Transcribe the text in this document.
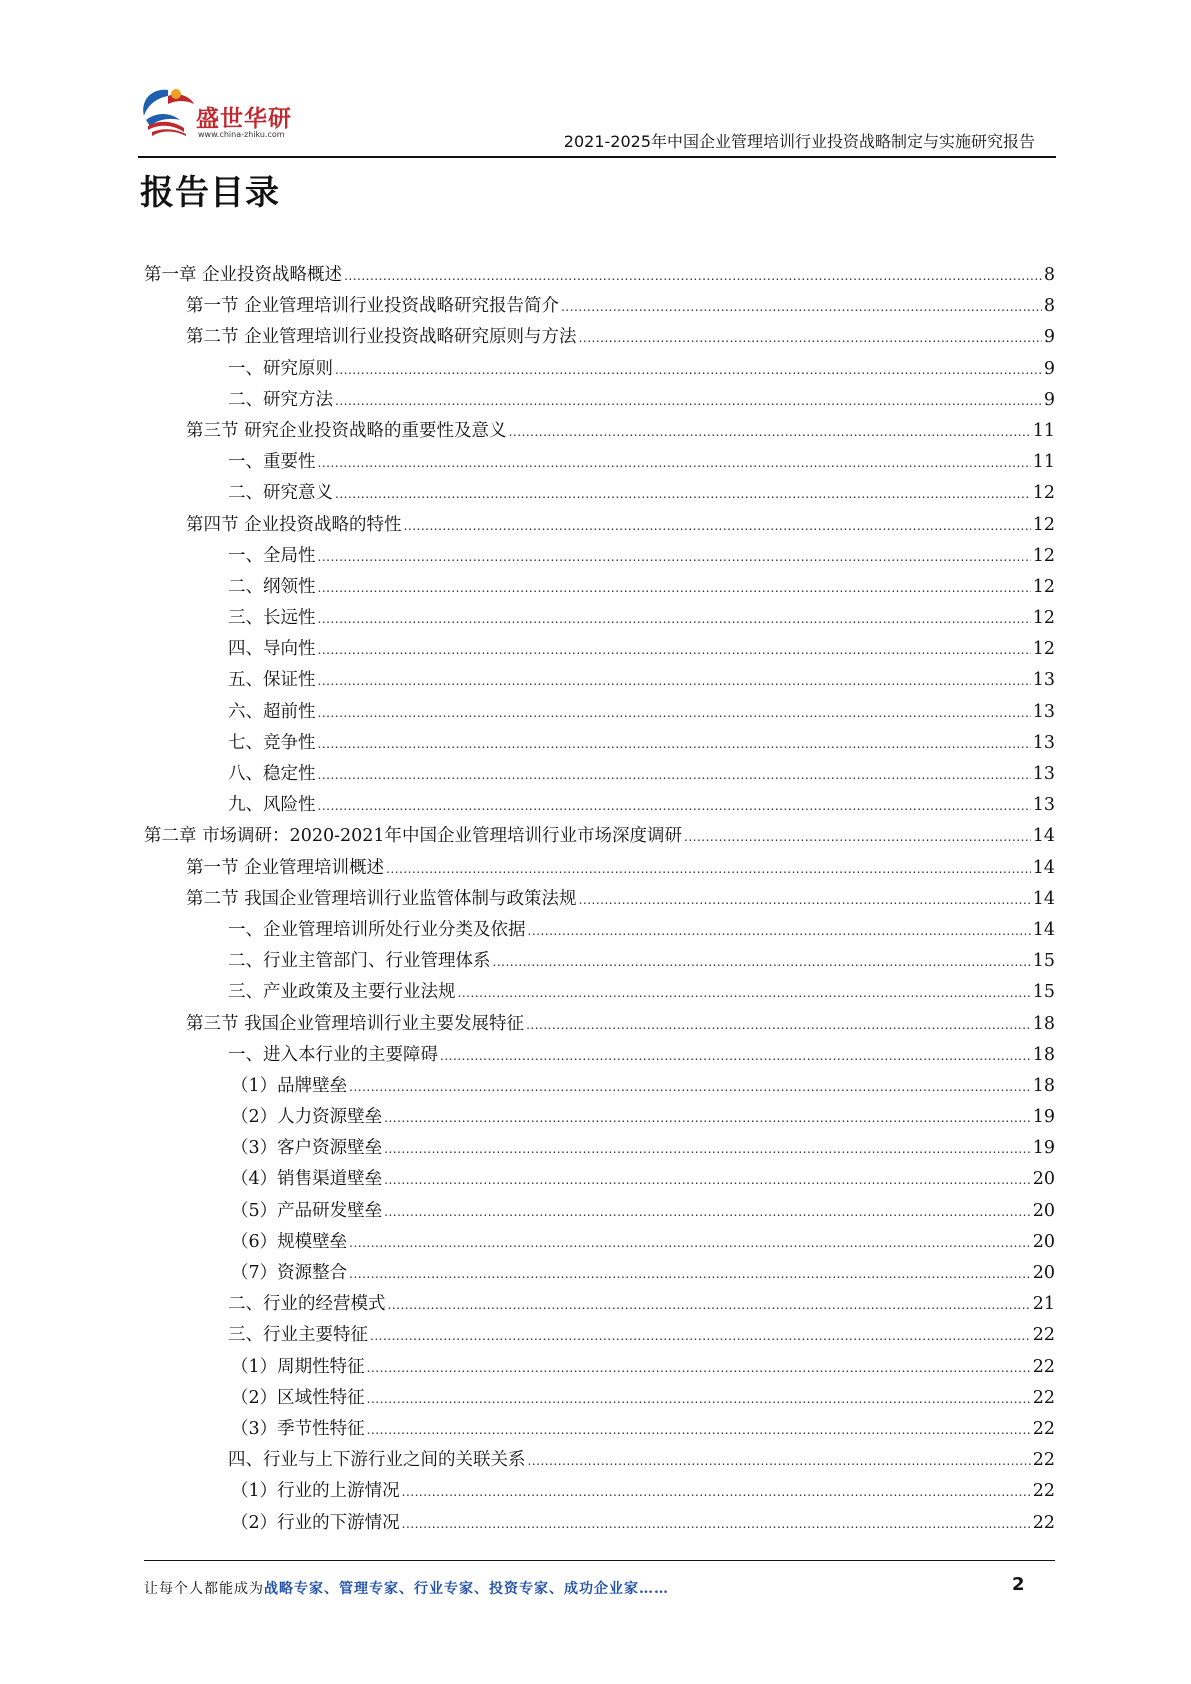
盛世华研
www.china-zhiku.com	2021-2025年中国企业管理培训行业投资战略制定与实施研究报告
报告目录
第一章 企业投资战略概述 .....	8
第一节 企业管理培训行业投资战略研究报告简介 .....	8
第二节 企业管理培训行业投资战略研究原则与方法 .....	9
一、研究原则 .....	9
二、研究方法 .....	9
第三节 研究企业投资战略的重要性及意义 .....	11
一、重要性 .....	11
二、研究意义 .....	12
第四节 企业投资战略的特性 .....	12
一、全局性 .....	12
二、纲领性 .....	12
三、长远性 .....	12
四、导向性 .....	12
五、保证性 .....	13
六、超前性 .....	13
七、竞争性 .....	13
八、稳定性 .....	13
九、风险性 .....	13
第二章 市场调研：2020-2021年中国企业管理培训行业市场深度调研 .....	14
第一节 企业管理培训概述 .....	14
第二节 我国企业管理培训行业监管体制与政策法规 .....	14
一、企业管理培训所处行业分类及依据 .....	14
二、行业主管部门、行业管理体系 .....	15
三、产业政策及主要行业法规 .....	15
第三节 我国企业管理培训行业主要发展特征 .....	18
一、进入本行业的主要障碍 .....	18
（1）品牌壁垒 .....	18
（2）人力资源壁垒 .....	19
（3）客户资源壁垒 .....	19
（4）销售渠道壁垒 .....	20
（5）产品研发壁垒 .....	20
（6）规模壁垒 .....	20
（7）资源整合 .....	20
二、行业的经营模式 .....	21
三、行业主要特征 .....	22
（1）周期性特征 .....	22
（2）区域性特征 .....	22
（3）季节性特征 .....	22
四、行业与上下游行业之间的关联关系 .....	22
（1）行业的上游情况 .....	22
（2）行业的下游情况 .....	22
让每个人都能成为战略专家、管理专家、行业专家、投资专家、成功企业家……	2
